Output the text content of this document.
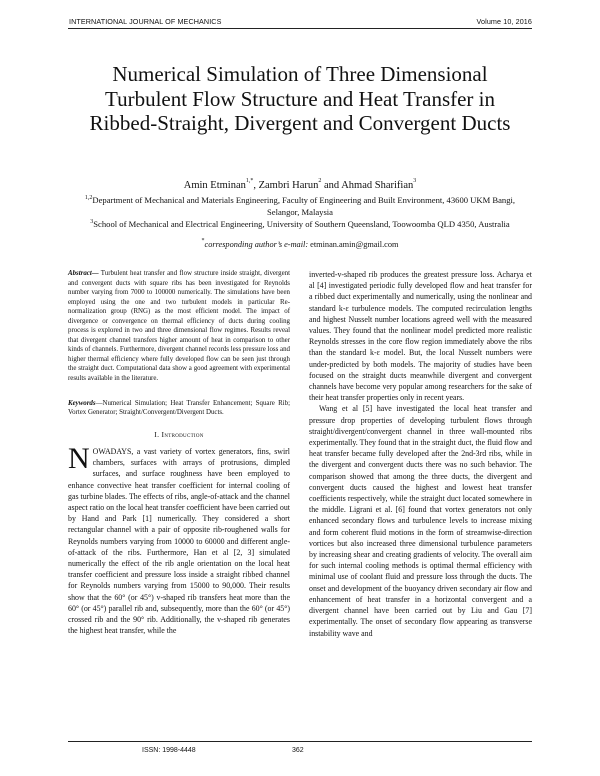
INTERNATIONAL JOURNAL OF MECHANICS	Volume 10, 2016
Numerical Simulation of Three Dimensional Turbulent Flow Structure and Heat Transfer in Ribbed-Straight, Divergent and Convergent Ducts
Amin Etminan$^{1,*}$, Zambri Harun$^2$ and Ahmad Sharifian$^3$
$^{1,2}$Department of Mechanical and Materials Engineering, Faculty of Engineering and Built Environment, 43600 UKM Bangi, Selangor, Malaysia
$^3$School of Mechanical and Electrical Engineering, University of Southern Queensland, Toowoomba QLD 4350, Australia
*corresponding author’s e-mail: etminan.amin@gmail.com

Abstract— Turbulent heat transfer and flow structure inside straight, divergent and convergent ducts with square ribs has been investigated for Reynolds number varying from 7000 to 100000 numerically. The simulations have been employed using the one and two turbulent models in particular Re-normalization group (RNG) as the most efficient model. The impact of divergence or convergence on thermal efficiency of ducts during cooling process is explored in two and three dimensional flow regimes. Results reveal that divergent channel transfers higher amount of heat in comparison to other kinds of channels. Furthermore, divergent channel records less pressure loss and higher thermal efficiency where fully developed flow can be seen just through the straight duct. Computational data show a good agreement with experimental results available in the literature.

Keywords—Numerical Simulation; Heat Transfer Enhancement; Square Rib; Vortex Generator; Straight/Convergent/Divergent Ducts.

I. Introduction

NOWADAYS, a vast variety of vortex generators, fins, swirl chambers, surfaces with arrays of protrusions, dimpled surfaces, and surface roughness have been employed to enhance convective heat transfer coefficient for internal cooling of gas turbine blades. The effects of ribs, angle-of-attack and the channel aspect ratio on the local heat transfer coefficient have been carried out by Hand and Park [1] numerically. They considered a short rectangular channel with a pair of opposite rib-roughened walls for Reynolds numbers varying from 10000 to 60000 and different angle-of-attack of the ribs. Furthermore, Han et al [2, 3] simulated numerically the effect of the rib angle orientation on the local heat transfer coefficient and pressure loss inside a straight ribbed channel for Reynolds numbers varying from 15000 to 90,000. Their results show that the 60° (or 45°) v-shaped rib transfers heat more than the 60° (or 45°) parallel rib and, subsequently, more than the 60° (or 45°) crossed rib and the 90° rib. Additionally, the v-shaped rib generates the highest heat transfer, while the

inverted-v-shaped rib produces the greatest pressure loss. Acharya et al [4] investigated periodic fully developed flow and heat transfer for a ribbed duct experimentally and numerically, using the nonlinear and standard k-ε turbulence models. The computed recirculation lengths and highest Nusselt number locations agreed well with the measured values. They found that the nonlinear model predicted more realistic Reynolds stresses in the core flow region immediately above the ribs than the standard k-ε model. But, the local Nusselt numbers were under-predicted by both models. The majority of studies have been focused on the straight ducts meanwhile divergent and convergent channels have become very popular among researchers for the sake of their heat transfer properties only in recent years.

Wang et al [5] have investigated the local heat transfer and pressure drop properties of developing turbulent flows through straight/divergent/convergent channel in three wall-mounted ribs experimentally. They found that in the straight duct, the fluid flow and heat transfer became fully developed after the 2nd-3rd ribs, while in the divergent and convergent ducts there was no such behavior. The comparison showed that among the three ducts, the divergent and convergent ducts caused the highest and lowest heat transfer coefficients respectively, while the straight duct located somewhere in the middle. Ligrani et al. [6] found that vortex generators not only enhanced secondary flows and turbulence levels to increase mixing and form coherent fluid motions in the form of streamwise-direction vortices but also increased three dimensional turbulence parameters by increasing shear and creating gradients of velocity. The overall aim for such internal cooling methods is optimal thermal efficiency with minimal use of coolant fluid and pressure loss through the ducts. The onset and development of the buoyancy driven secondary air flow and enhancement of heat transfer in a horizontal convergent and a divergent channel have been carried out by Liu and Gau [7] experimentally. The onset of secondary flow appearing as transverse instability wave and

ISSN: 1998-4448	362
